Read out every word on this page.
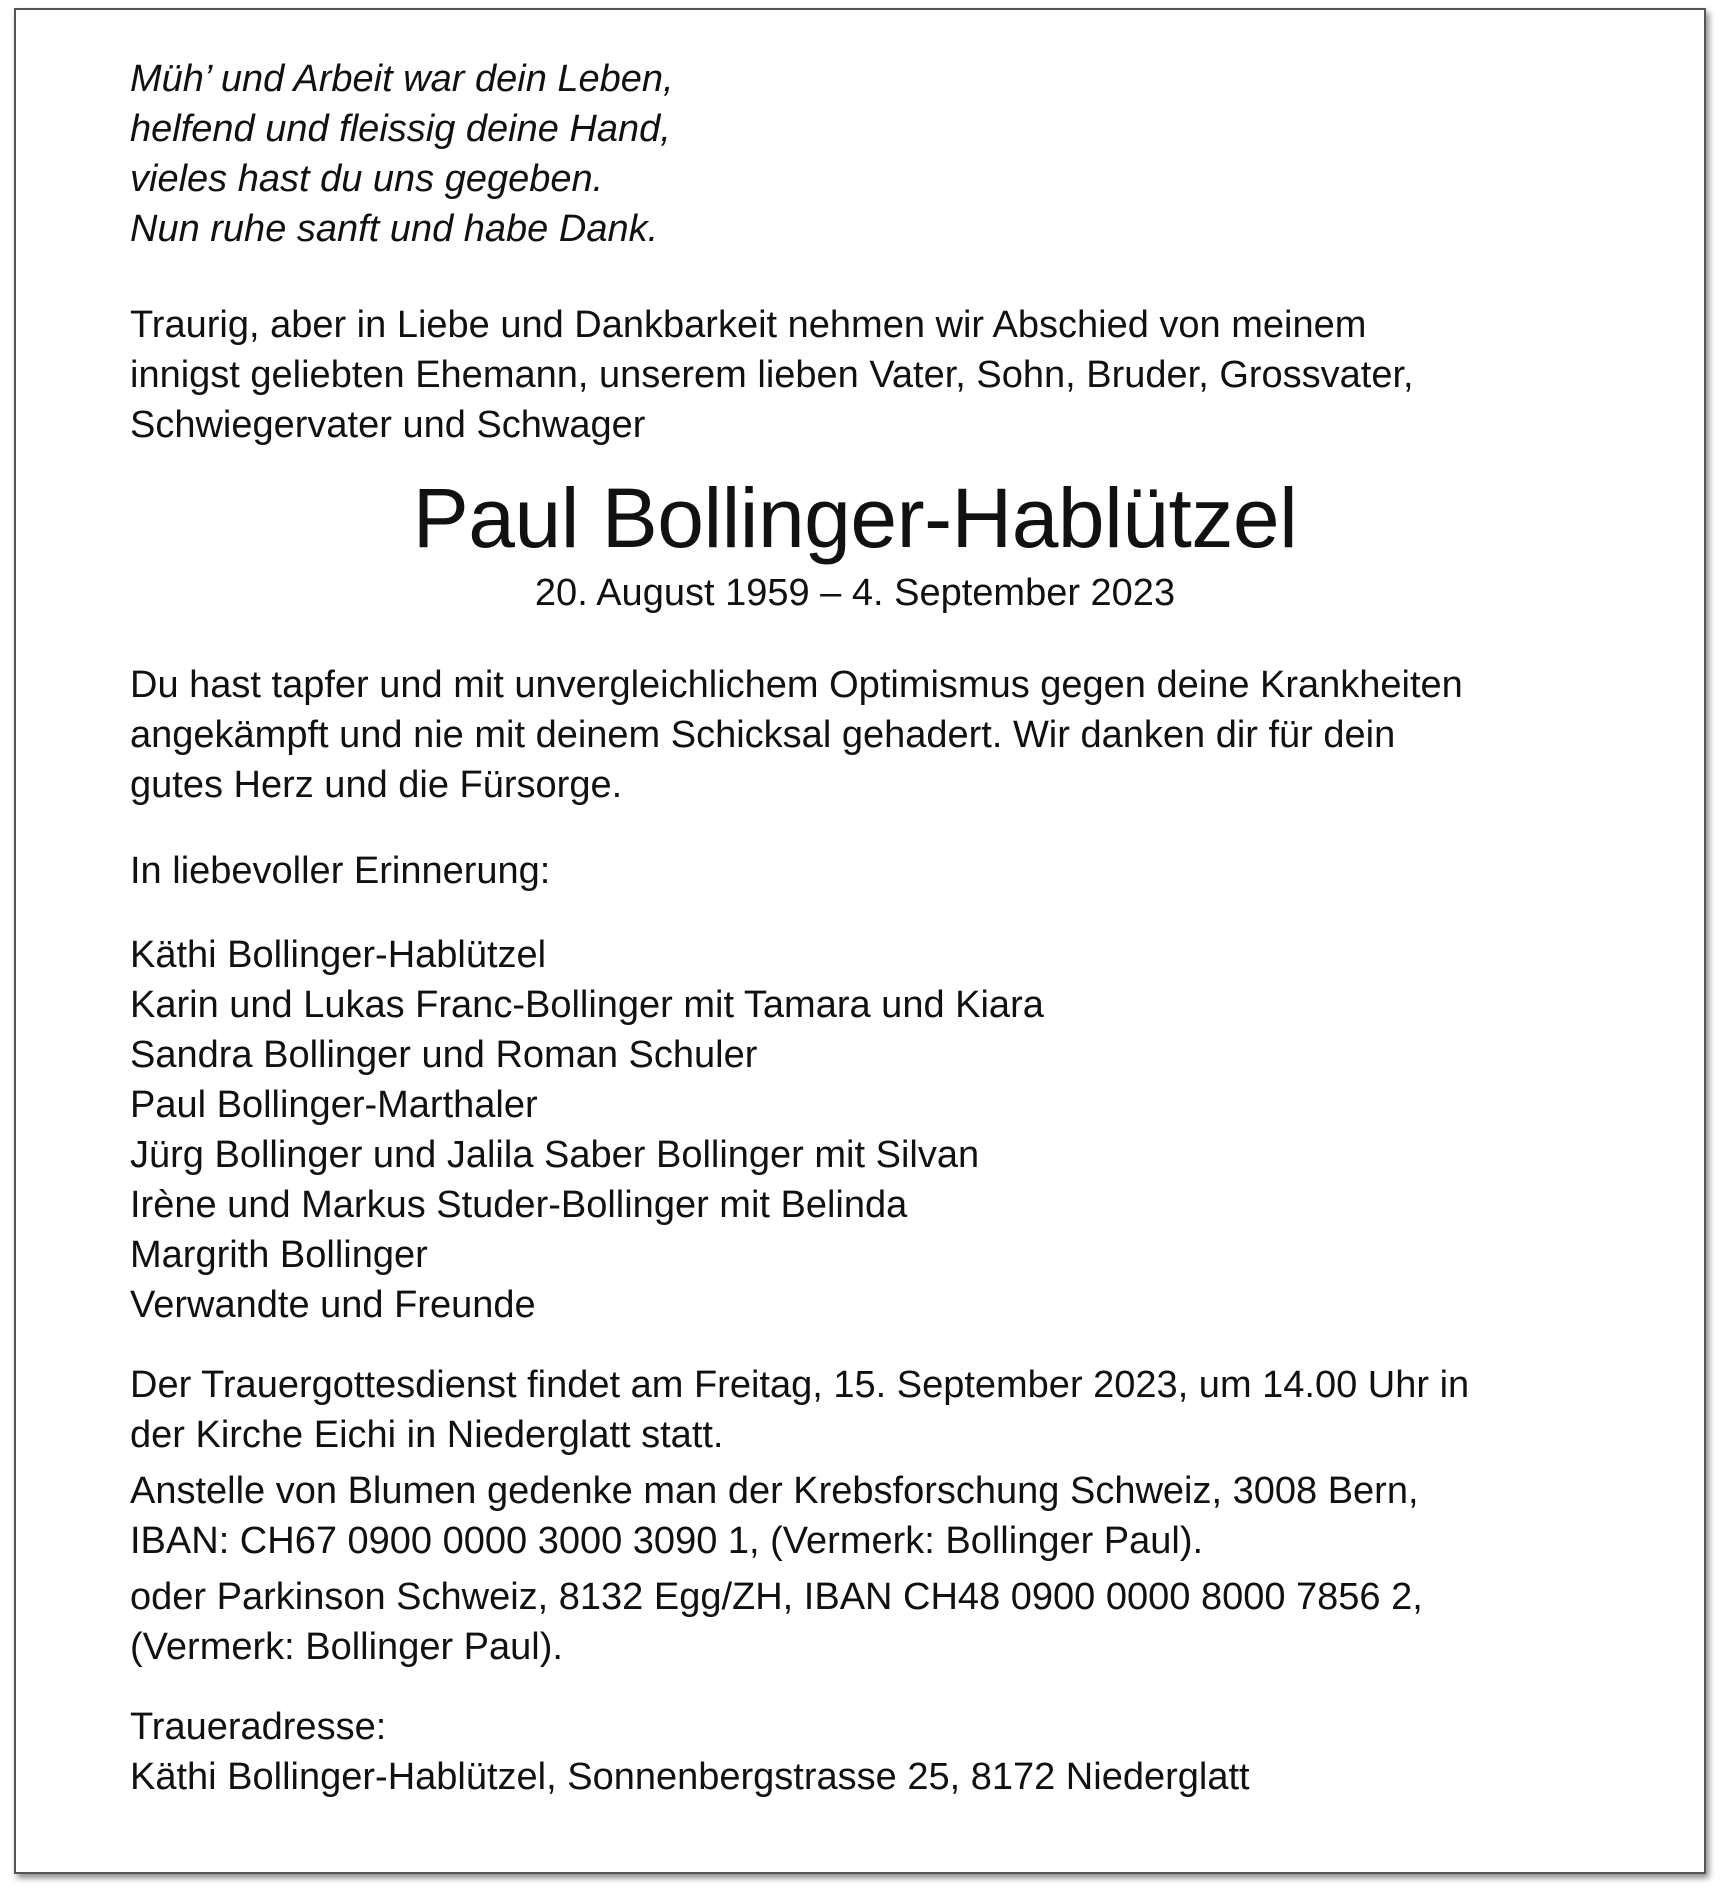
Müh’ und Arbeit war dein Leben,
helfend und fleissig deine Hand,
vieles hast du uns gegeben.
Nun ruhe sanft und habe Dank.
Traurig, aber in Liebe und Dankbarkeit nehmen wir Abschied von meinem
innigst geliebten Ehemann, unserem lieben Vater, Sohn, Bruder, Grossvater,
Schwiegervater und Schwager
Paul Bollinger-Hablützel
20. August 1959 – 4. September 2023
Du hast tapfer und mit unvergleichlichem Optimismus gegen deine Krankheiten
angekämpft und nie mit deinem Schicksal gehadert. Wir danken dir für dein
gutes Herz und die Fürsorge.
In liebevoller Erinnerung:
Käthi Bollinger-Hablützel
Karin und Lukas Franc-Bollinger mit Tamara und Kiara
Sandra Bollinger und Roman Schuler
Paul Bollinger-Marthaler
Jürg Bollinger und Jalila Saber Bollinger mit Silvan
Irène und Markus Studer-Bollinger mit Belinda
Margrith Bollinger
Verwandte und Freunde
Der Trauergottesdienst findet am Freitag, 15. September 2023, um 14.00 Uhr in
der Kirche Eichi in Niederglatt statt.
Anstelle von Blumen gedenke man der Krebsforschung Schweiz, 3008 Bern,
IBAN: CH67 0900 0000 3000 3090 1, (Vermerk: Bollinger Paul).
oder Parkinson Schweiz, 8132 Egg/ZH, IBAN CH48 0900 0000 8000 7856 2,
(Vermerk: Bollinger Paul).
Traueradresse:
Käthi Bollinger-Hablützel, Sonnenbergstrasse 25, 8172 Niederglatt
